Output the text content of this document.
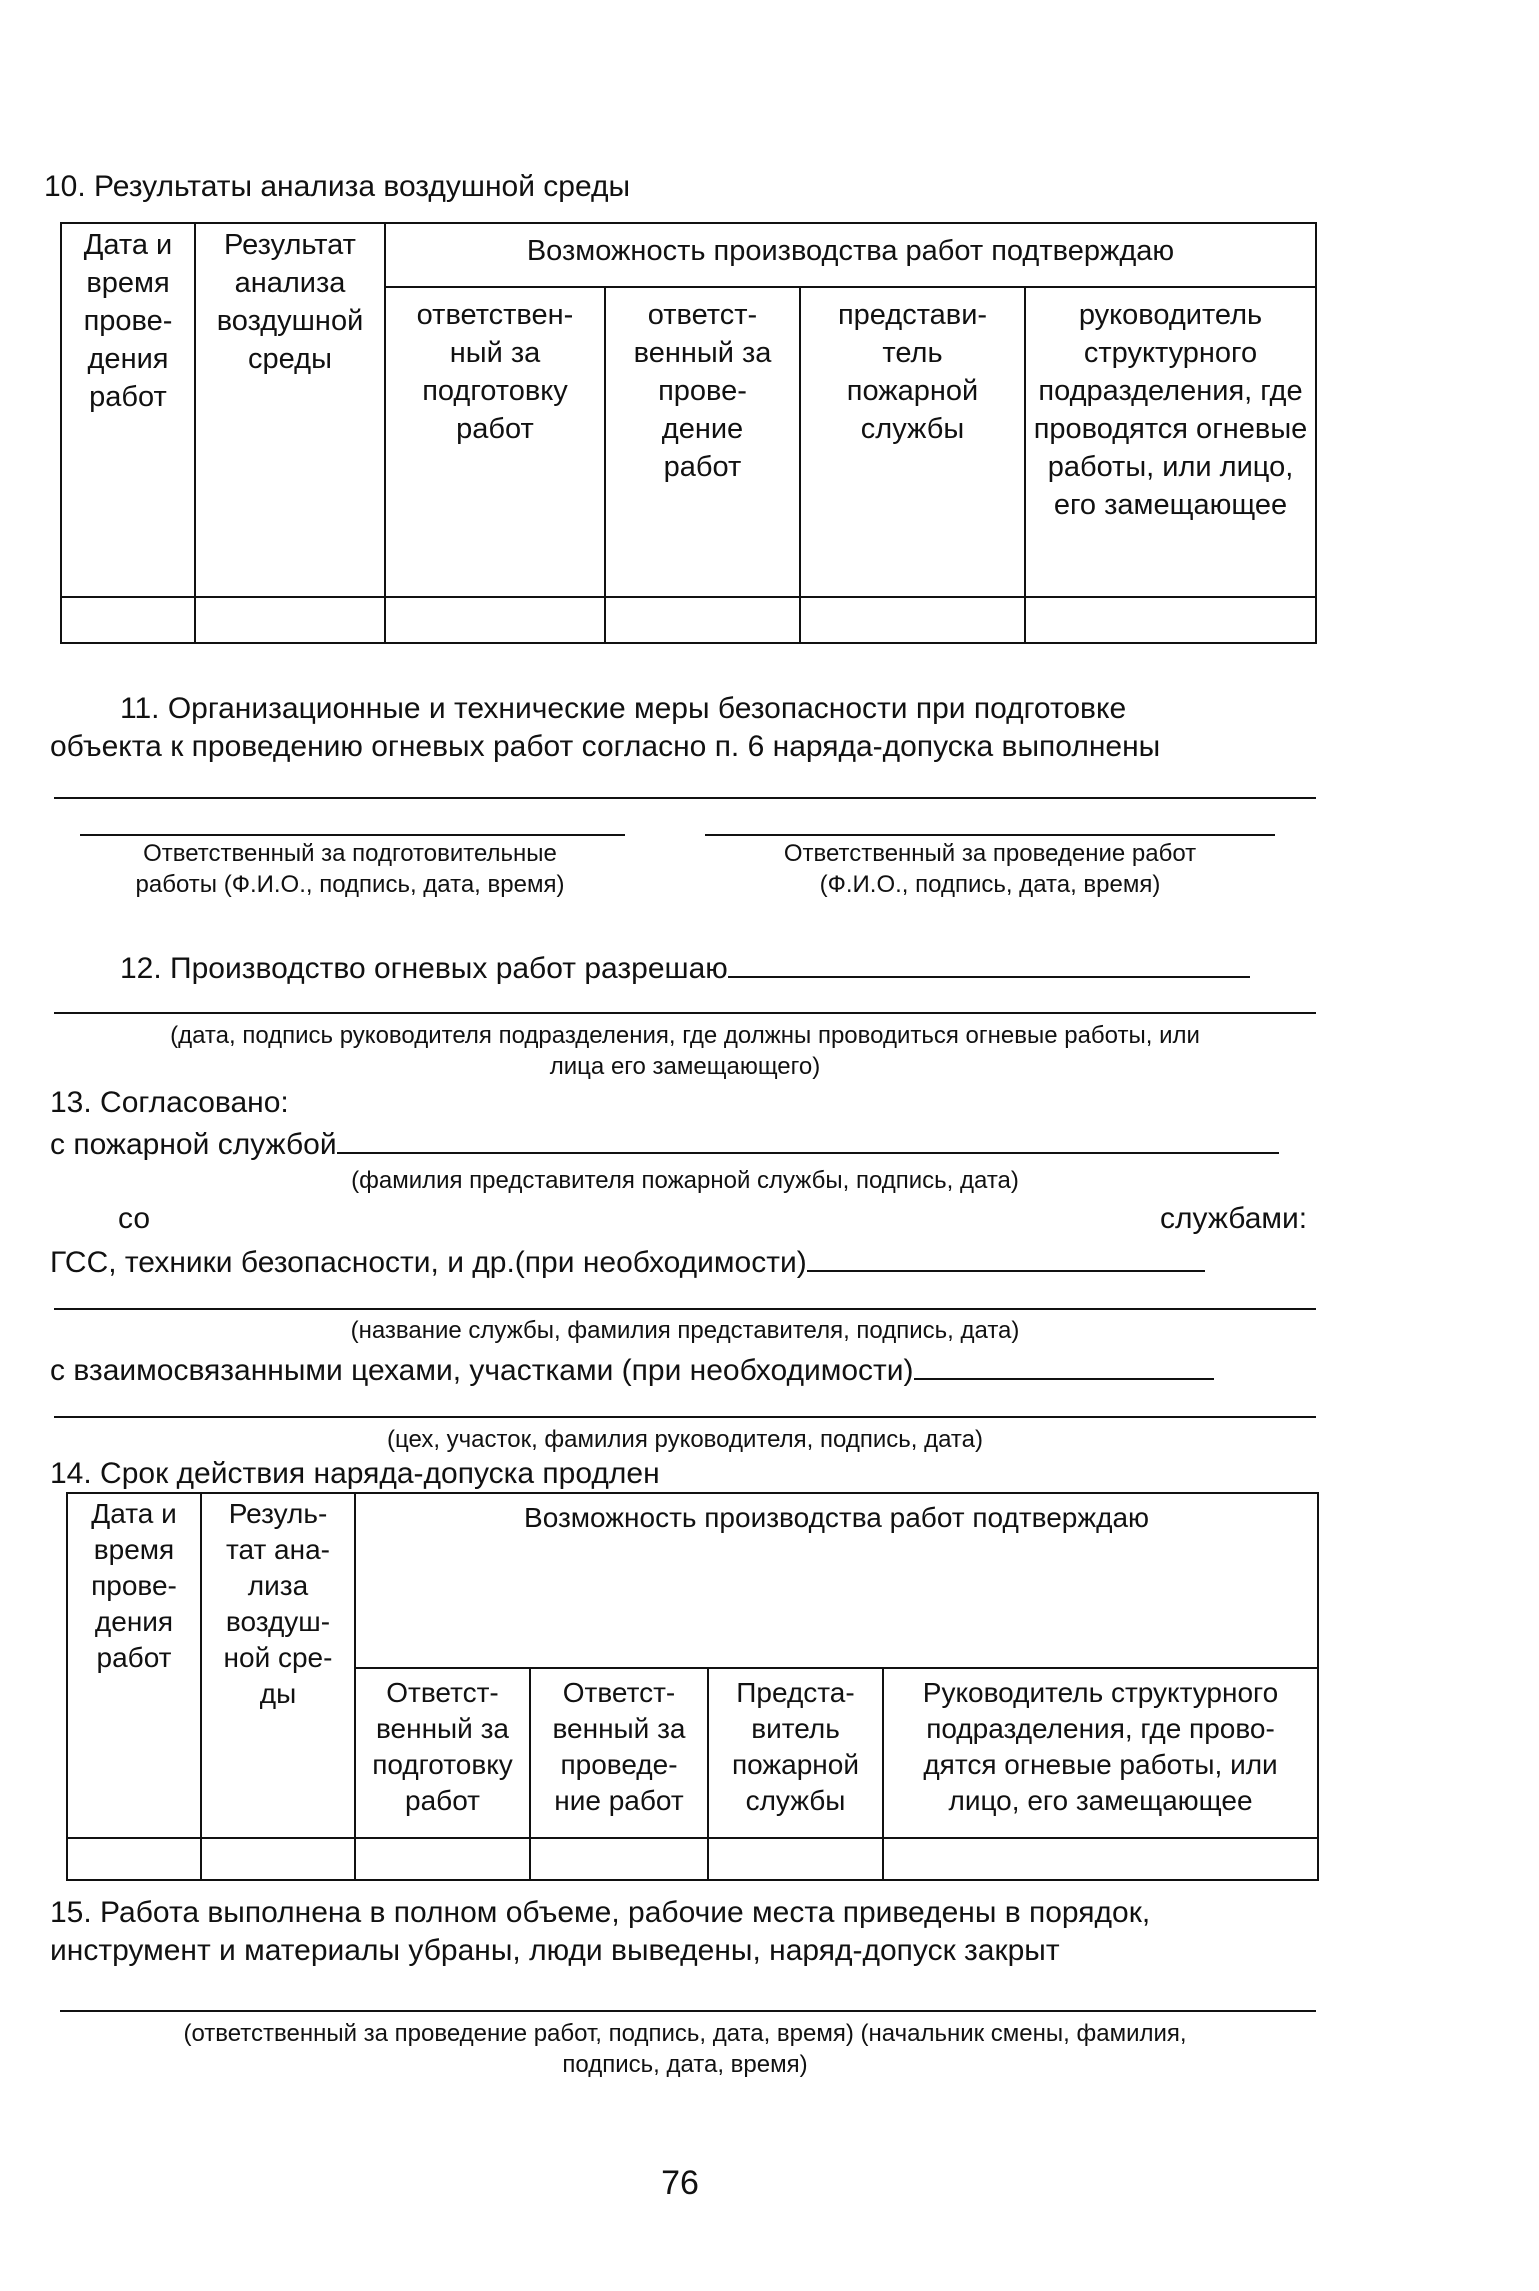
10. Результаты анализа воздушной среды
Дата и время прове-дения работ	Результат анализа воздушной среды	Возможность производства работ подтверждаю			

		ответствен-ный за подготовку работ	ответст-венный за прове-дение работ	представи-тель пожарной службы	руководитель структурного подразделения, где проводятся огневые работы, или лицо, его замещающее

11. Организационные и технические меры безопасности при подготовке
объекта к проведению огневых работ согласно п. 6 наряда-допуска выполнены
Ответственный за подготовительные
работы (Ф.И.О., подпись, дата, время)
Ответственный за проведение работ
(Ф.И.О., подпись, дата, время)
12. Производство огневых работ разрешаю
(дата, подпись руководителя подразделения, где должны проводиться огневые работы, или
лица его замещающего)
13. Согласовано:
с пожарной службой
(фамилия представителя пожарной службы, подпись, дата)
со	службами:
ГСС, техники безопасности, и др.(при необходимости)
(название службы, фамилия представителя, подпись, дата)
с взаимосвязанными цехами, участками (при необходимости)
(цех, участок, фамилия руководителя, подпись, дата)
14. Срок действия наряда-допуска продлен
Дата и время прове-дения работ	Резуль-тат ана-лиза воздуш-ной сре-ды	Возможность производства работ подтверждаю			

		Ответст-венный за подготовку работ	Ответст-венный за проведе-ние работ	Предста-витель пожарной службы	Руководитель структурного подразделения, где прово-дятся огневые работы, или лицо, его замещающее

15. Работа выполнена в полном объеме, рабочие места приведены в порядок,
инструмент и материалы убраны, люди выведены, наряд-допуск закрыт
(ответственный за проведение работ, подпись, дата, время) (начальник смены, фамилия,
подпись, дата, время)
76
